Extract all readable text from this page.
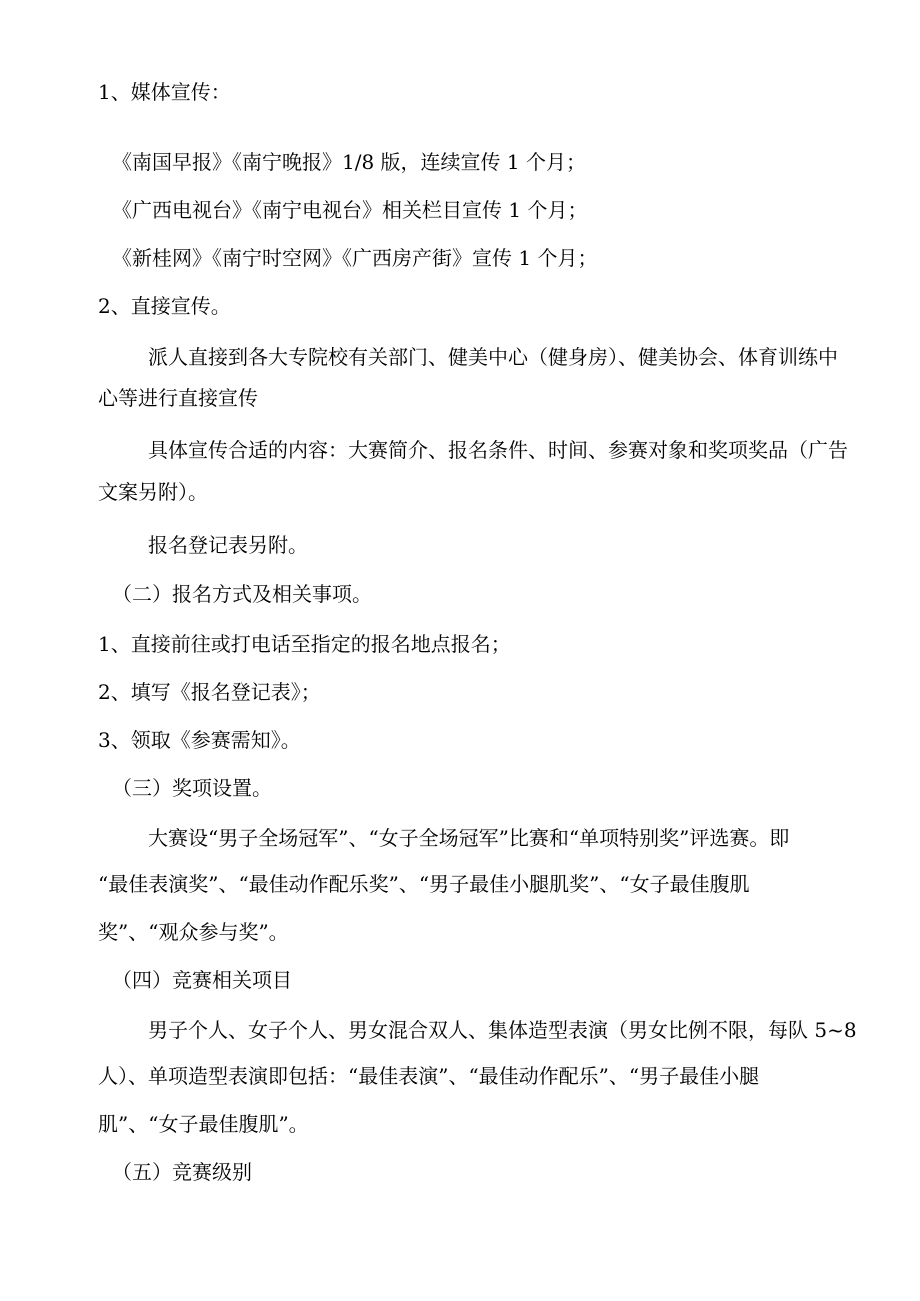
1、媒体宣传：
《南国早报》《南宁晚报》1/8 版，连续宣传 1 个月；
《广西电视台》《南宁电视台》相关栏目宣传 1 个月；
《新桂网》《南宁时空网》《广西房产街》宣传 1 个月；
2、直接宣传。
派人直接到各大专院校有关部门、健美中心（健身房）、健美协会、体育训练中
心等进行直接宣传
具体宣传合适的内容：大赛简介、报名条件、时间、参赛对象和奖项奖品（广告
文案另附）。
报名登记表另附。
（二）报名方式及相关事项。
1、直接前往或打电话至指定的报名地点报名；
2、填写《报名登记表》；
3、领取《参赛需知》。
（三）奖项设置。
大赛设“男子全场冠军”、“女子全场冠军”比赛和“单项特别奖”评选赛。即
“最佳表演奖”、“最佳动作配乐奖”、“男子最佳小腿肌奖”、“女子最佳腹肌
奖”、“观众参与奖”。
（四）竞赛相关项目
男子个人、女子个人、男女混合双人、集体造型表演（男女比例不限，每队 5~8
人）、单项造型表演即包括：“最佳表演”、“最佳动作配乐”、“男子最佳小腿
肌”、“女子最佳腹肌”。
（五）竞赛级别
